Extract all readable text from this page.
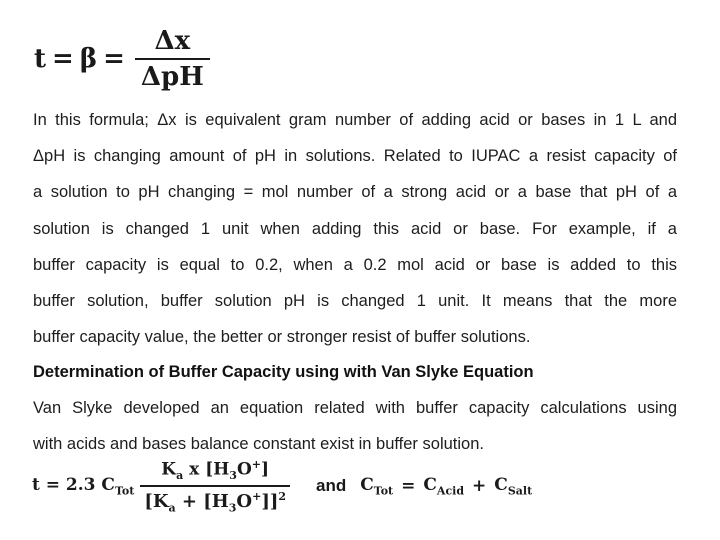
$t = \beta = \frac{\Delta x}{\text{ΔpH}}$
In this formula; Δx is equivalent gram number of adding acid or bases in 1 L and
ΔpH is changing amount of pH in solutions. Related to IUPAC a resist capacity of
a solution to pH changing = mol number of a strong acid or a base that pH of a
solution is changed 1 unit when adding this acid or base. For example, if a
buffer capacity is equal to 0.2, when a 0.2 mol acid or base is added to this
buffer solution, buffer solution pH is changed 1 unit. It means that the more
buffer capacity value, the better or stronger resist of buffer solutions.
Determination of Buffer Capacity using with Van Slyke Equation
Van Slyke developed an equation related with buffer capacity calculations using
with acids and bases balance constant exist in buffer solution.
t = 2.3 $C_{Tot} \frac{K_a x [H_3O^+]}{[K_a + [H_3O^+]]^2}$ and $C_{Tot} = C_{Acid} + C_{Salt}$
